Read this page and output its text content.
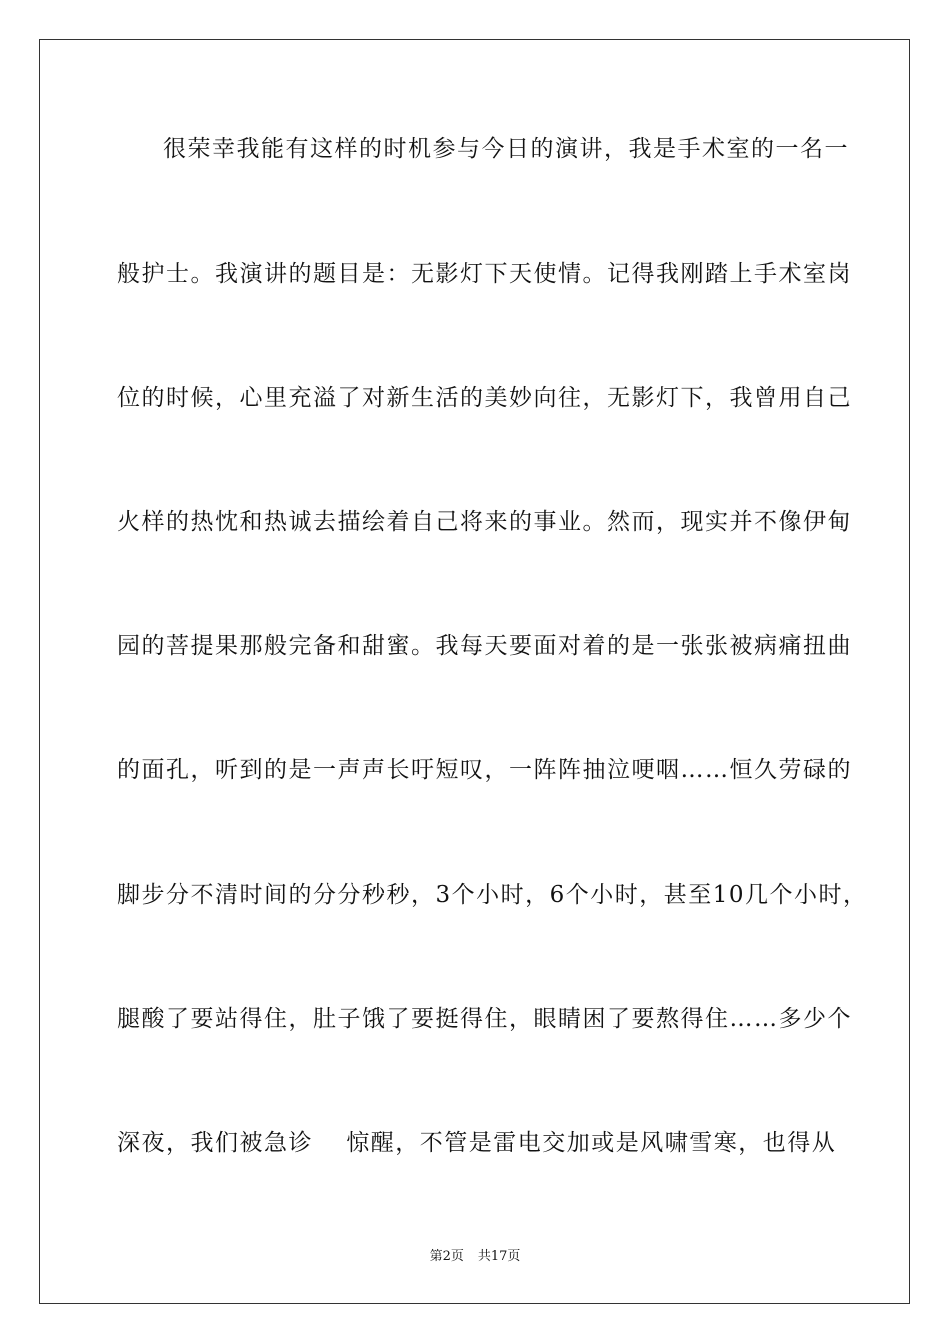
很荣幸我能有这样的时机参与今日的演讲，我是手术室的一名一
般护士。我演讲的题目是：无影灯下天使情。记得我刚踏上手术室岗
位的时候，心里充溢了对新生活的美妙向往，无影灯下，我曾用自己
火样的热忱和热诚去描绘着自己将来的事业。然而，现实并不像伊甸
园的菩提果那般完备和甜蜜。我每天要面对着的是一张张被病痛扭曲
的面孔，听到的是一声声长吁短叹，一阵阵抽泣哽咽……恒久劳碌的
脚步分不清时间的分分秒秒，3个小时，6个小时，甚至10几个小时，
腿酸了要站得住，肚子饿了要挺得住，眼睛困了要熬得住……多少个
深夜，我们被急诊　 惊醒，不管是雷电交加或是风啸雪寒，也得从
第2页 共17页
